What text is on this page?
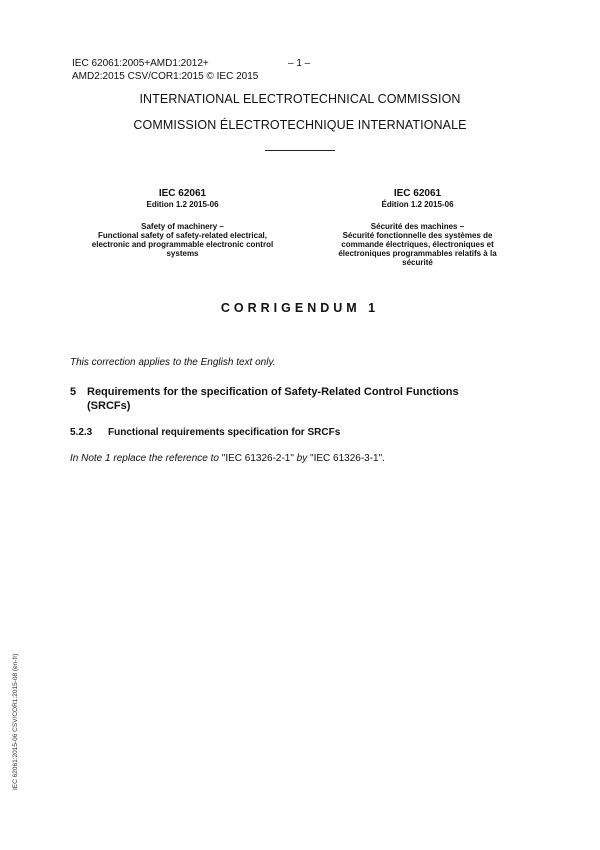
IEC 62061:2005+AMD1:2012+
AMD2:2015 CSV/COR1:2015 © IEC 2015
– 1 –
INTERNATIONAL ELECTROTECHNICAL COMMISSION
COMMISSION ÉLECTROTECHNIQUE INTERNATIONALE
IEC 62061
Edition 1.2 2015-06
Safety of machinery –
Functional safety of safety-related electrical,
electronic and programmable electronic control
systems
IEC 62061
Édition 1.2 2015-06
Sécurité des machines –
Sécurité fonctionnelle des systèmes de
commande électriques, électroniques et
électroniques programmables relatifs à la
sécurité
CORRIGENDUM 1
This correction applies to the English text only.
5 Requirements for the specification of Safety-Related Control Functions
(SRCFs)
5.2.3 Functional requirements specification for SRCFs
In Note 1 replace the reference to "IEC 61326-2-1" by "IEC 61326-3-1".
IEC 62061:2015-06 CSV/COR1:2015-08 (en-fr)
